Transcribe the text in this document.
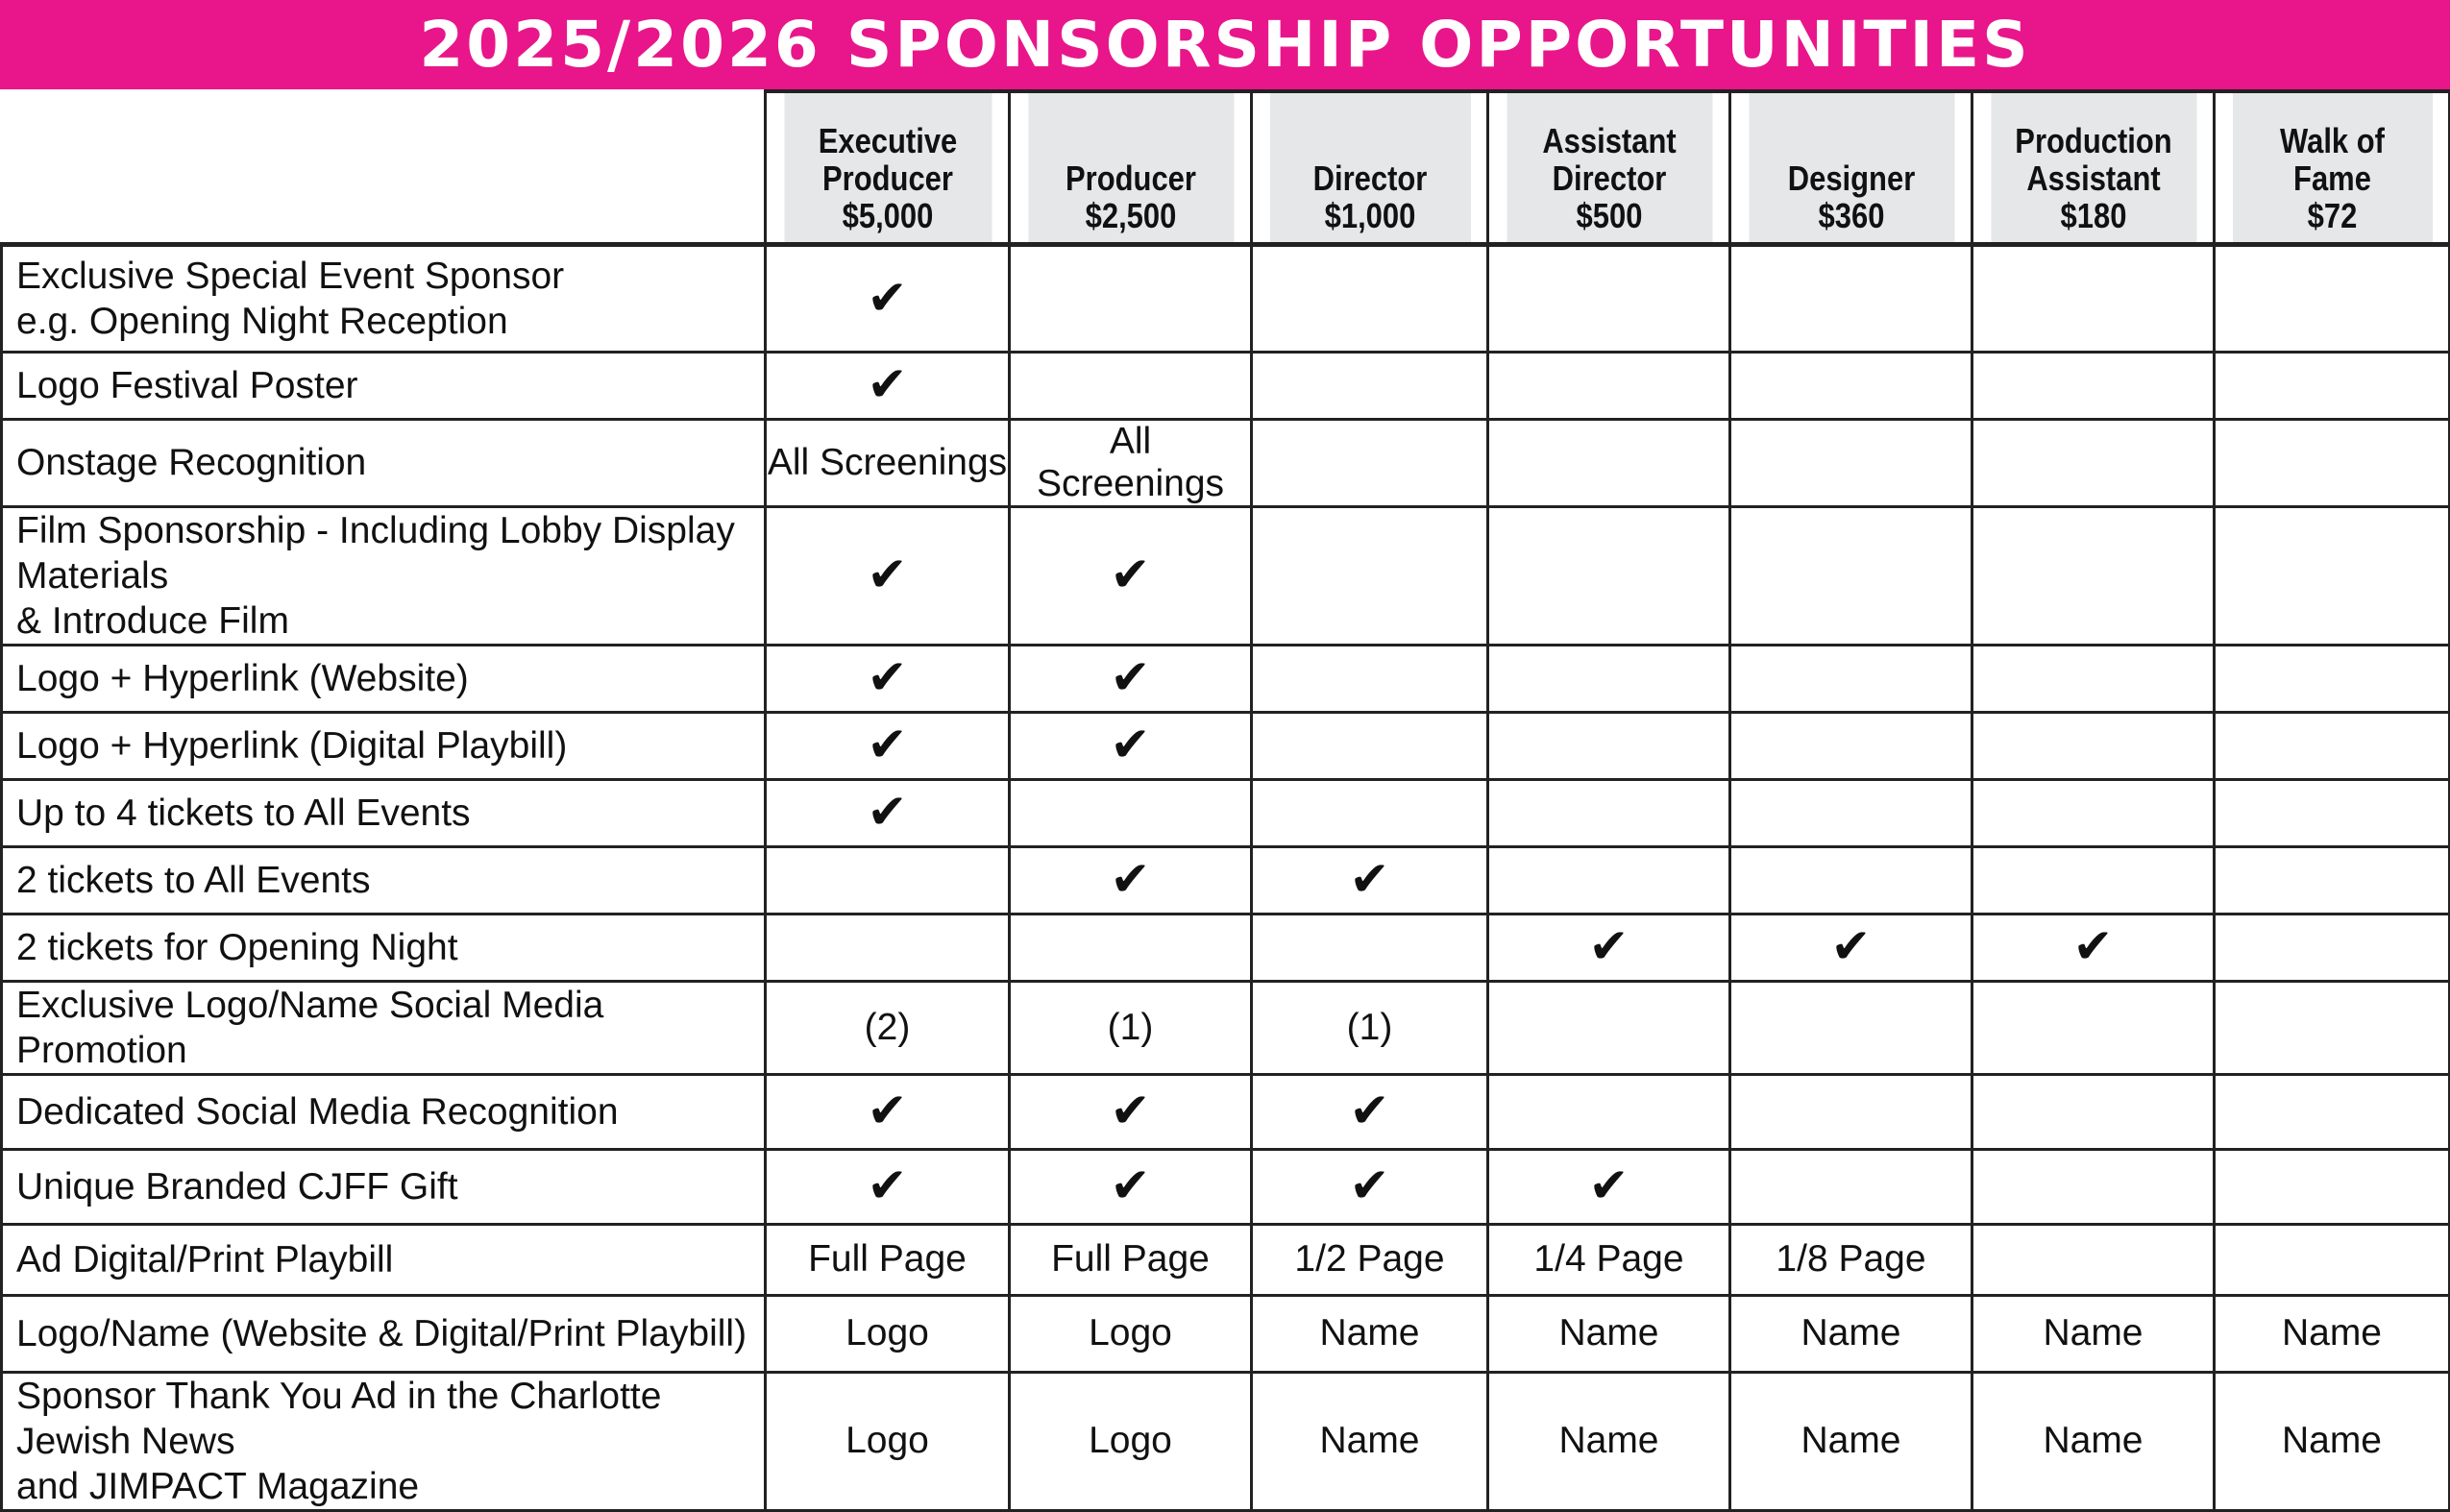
2025/2026 SPONSORSHIP OPPORTUNITIES

	Executive
Producer
$5,000	Producer
$2,500	Director
$1,000	Assistant
Director
$500	Designer
$360	Production
Assistant
$180	Walk of
Fame
$72

Exclusive Special Event Sponsor
e.g. Opening Night Reception	✔						
Logo Festival Poster	✔						
Onstage Recognition	All Screenings	All Screenings					
Film Sponsorship - Including Lobby Display Materials
& Introduce Film	✔	✔					
Logo + Hyperlink (Website)	✔	✔					
Logo + Hyperlink (Digital Playbill)	✔	✔					
Up to 4 tickets to All Events	✔						
2 tickets to All Events		✔	✔				
2 tickets for Opening Night				✔	✔	✔	
Exclusive Logo/Name Social Media Promotion	(2)	(1)	(1)				
Dedicated Social Media Recognition	✔	✔	✔				
Unique Branded CJFF Gift	✔	✔	✔	✔			
Ad Digital/Print Playbill	Full Page	Full Page	1/2 Page	1/4 Page	1/8 Page		
Logo/Name (Website & Digital/Print Playbill)	Logo	Logo	Name	Name	Name	Name	Name
Sponsor Thank You Ad in the Charlotte Jewish News
and JIMPACT Magazine	Logo	Logo	Name	Name	Name	Name	Name
